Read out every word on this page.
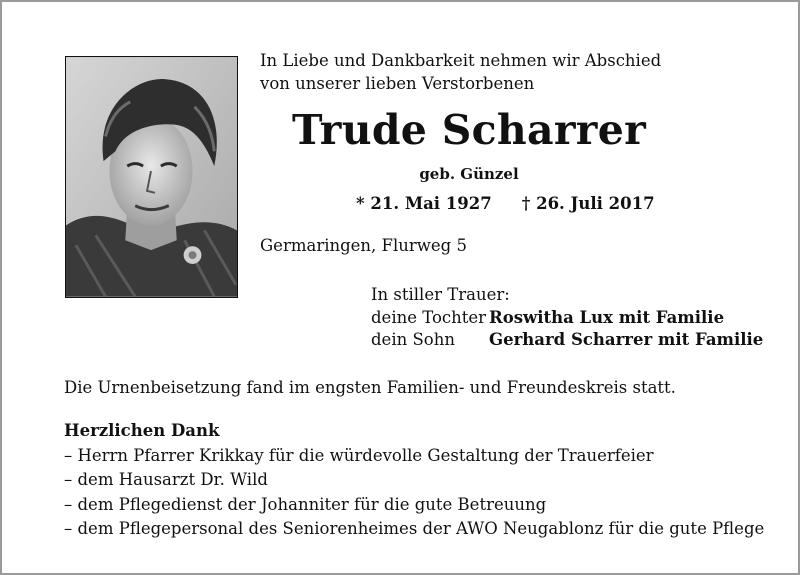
In Liebe und Dankbarkeit nehmen wir Abschied
von unserer lieben Verstorbenen
Trude Scharrer
geb. Günzel
* 21. Mai 1927 † 26. Juli 2017
Germaringen, Flurweg 5
In stiller Trauer:
deine Tochter Roswitha Lux mit Familie
dein Sohn Gerhard Scharrer mit Familie
Die Urnenbeisetzung fand im engsten Familien- und Freundeskreis statt.
Herzlichen Dank
– Herrn Pfarrer Krikkay für die würdevolle Gestaltung der Trauerfeier
– dem Hausarzt Dr. Wild
– dem Pflegedienst der Johanniter für die gute Betreuung
– dem Pflegepersonal des Seniorenheimes der AWO Neugablonz für die gute Pflege
